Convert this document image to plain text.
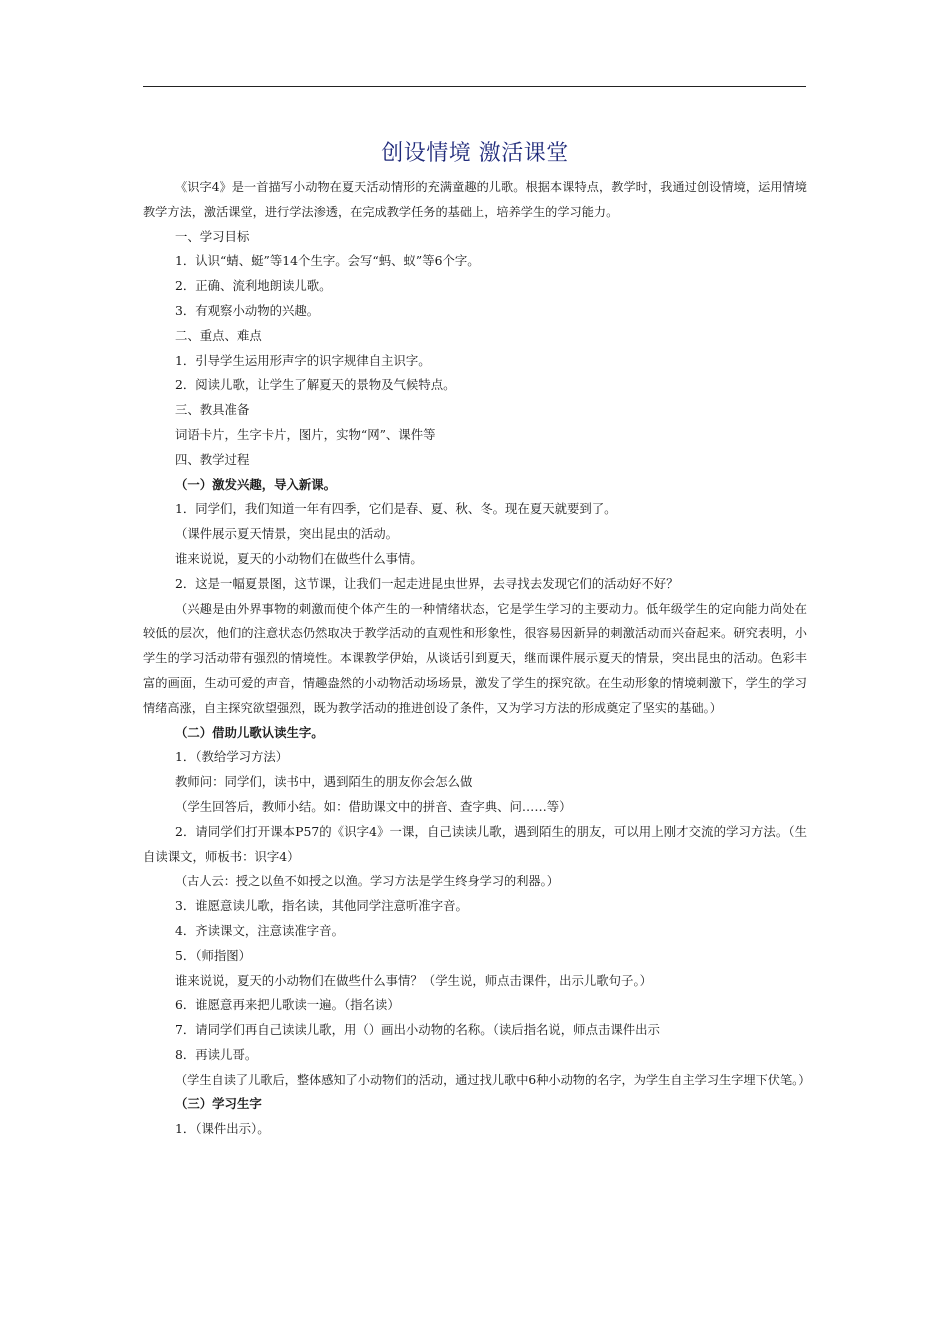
创设情境 激活课堂

《识字4》是一首描写小动物在夏天活动情形的充满童趣的儿歌。根据本课特点，教学时，我通过创设情境，运用情境教学方法，激活课堂，进行学法渗透，在完成教学任务的基础上，培养学生的学习能力。

一、学习目标

1．认识“蜻、蜓”等14个生字。会写“蚂、蚁”等6个字。

2．正确、流利地朗读儿歌。

3．有观察小动物的兴趣。

二、重点、难点

1．引导学生运用形声字的识字规律自主识字。

2．阅读儿歌，让学生了解夏天的景物及气候特点。

三、教具准备

词语卡片，生字卡片，图片，实物“网”、课件等

四、教学过程

（一）激发兴趣，导入新课。

1．同学们，我们知道一年有四季，它们是春、夏、秋、冬。现在夏天就要到了。

（课件展示夏天情景，突出昆虫的活动。

谁来说说，夏天的小动物们在做些什么事情。

2．这是一幅夏景图，这节课，让我们一起走进昆虫世界，去寻找去发现它们的活动好不好？

（兴趣是由外界事物的刺激而使个体产生的一种情绪状态，它是学生学习的主要动力。低年级学生的定向能力尚处在较低的层次，他们的注意状态仍然取决于教学活动的直观性和形象性，很容易因新异的刺激活动而兴奋起来。研究表明，小学生的学习活动带有强烈的情境性。本课教学伊始，从谈话引到夏天，继而课件展示夏天的情景，突出昆虫的活动。色彩丰富的画面，生动可爱的声音，情趣盎然的小动物活动场场景，激发了学生的探究欲。在生动形象的情境刺激下，学生的学习情绪高涨，自主探究欲望强烈，既为教学活动的推进创设了条件，又为学习方法的形成奠定了坚实的基础。）

（二）借助儿歌认读生字。

1．（教给学习方法）

教师问：同学们，读书中，遇到陌生的朋友你会怎么做

（学生回答后，教师小结。如：借助课文中的拼音、查字典、问……等）

2．请同学们打开课本P57的《识字4》一课，自己读读儿歌，遇到陌生的朋友，可以用上刚才交流的学习方法。（生自读课文，师板书：识字4）

（古人云：授之以鱼不如授之以渔。学习方法是学生终身学习的利器。）

3．谁愿意读儿歌，指名读，其他同学注意听准字音。

4．齐读课文，注意读准字音。

5．（师指图）

谁来说说，夏天的小动物们在做些什么事情？（学生说，师点击课件，出示儿歌句子。）

6．谁愿意再来把儿歌读一遍。（指名读）

7．请同学们再自己读读儿歌，用（）画出小动物的名称。（读后指名说，师点击课件出示

8．再读儿哥。

（学生自读了儿歌后，整体感知了小动物们的活动，通过找儿歌中6种小动物的名字，为学生自主学习生字埋下伏笔。）

（三）学习生字

1．（课件出示）。
